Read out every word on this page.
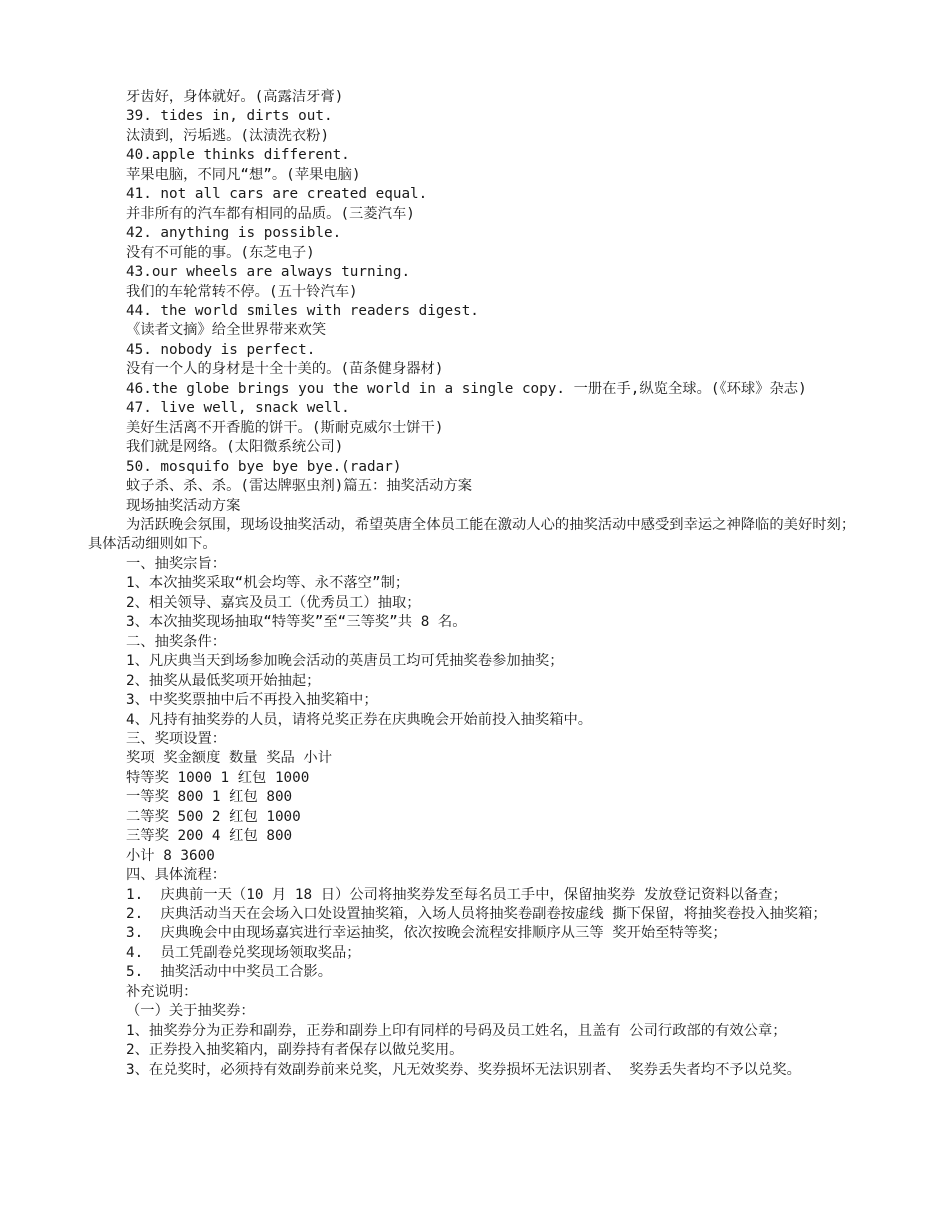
牙齿好，身体就好。(高露洁牙膏)

39. tides in, dirts out.

汰渍到，污垢逃。(汰渍洗衣粉)

40.apple thinks different.

苹果电脑，不同凡“想”。(苹果电脑)

41. not all cars are created equal.

并非所有的汽车都有相同的品质。(三菱汽车)

42. anything is possible.

没有不可能的事。(东芝电子)

43.our wheels are always turning.

我们的车轮常转不停。(五十铃汽车)

44. the world smiles with readers digest.

《读者文摘》给全世界带来欢笑

45. nobody is perfect.

没有一个人的身材是十全十美的。(苗条健身器材)

46.the globe brings you the world in a single copy. 一册在手,纵览全球。(《环球》杂志)

47. live well, snack well.

美好生活离不开香脆的饼干。(斯耐克威尔士饼干)

我们就是网络。(太阳微系统公司)

50. mosquifo bye bye bye.(radar)

蚊子杀、杀、杀。(雷达牌驱虫剂)篇五：抽奖活动方案

现场抽奖活动方案

为活跃晚会氛围，现场设抽奖活动，希望英唐全体员工能在激动人心的抽奖活动中感受到幸运之神降临的美好时刻；具体活动细则如下。

一、抽奖宗旨：

1、本次抽奖采取“机会均等、永不落空”制；

2、相关领导、嘉宾及员工（优秀员工）抽取；

3、本次抽奖现场抽取“特等奖”至“三等奖”共 8 名。

二、抽奖条件：

1、凡庆典当天到场参加晚会活动的英唐员工均可凭抽奖卷参加抽奖；

2、抽奖从最低奖项开始抽起；

3、中奖奖票抽中后不再投入抽奖箱中；

4、凡持有抽奖券的人员，请将兑奖正券在庆典晚会开始前投入抽奖箱中。

三、奖项设置：

奖项 奖金额度 数量 奖品 小计

特等奖 1000 1 红包 1000

一等奖 800 1 红包 800

二等奖 500 2 红包 1000

三等奖 200 4 红包 800

小计 8 3600

四、具体流程：

1.  庆典前一天（10 月 18 日）公司将抽奖券发至每名员工手中，保留抽奖券 发放登记资料以备查；

2.  庆典活动当天在会场入口处设置抽奖箱，入场人员将抽奖卷副卷按虚线 撕下保留，将抽奖卷投入抽奖箱；

3.  庆典晚会中由现场嘉宾进行幸运抽奖，依次按晚会流程安排顺序从三等 奖开始至特等奖；

4.  员工凭副卷兑奖现场领取奖品；

5.  抽奖活动中中奖员工合影。

补充说明：

（一）关于抽奖券：

1、抽奖券分为正券和副券，正券和副券上印有同样的号码及员工姓名，且盖有 公司行政部的有效公章；

2、正券投入抽奖箱内，副券持有者保存以做兑奖用。

3、在兑奖时，必须持有效副券前来兑奖，凡无效奖券、奖券损坏无法识别者、 奖券丢失者均不予以兑奖。
